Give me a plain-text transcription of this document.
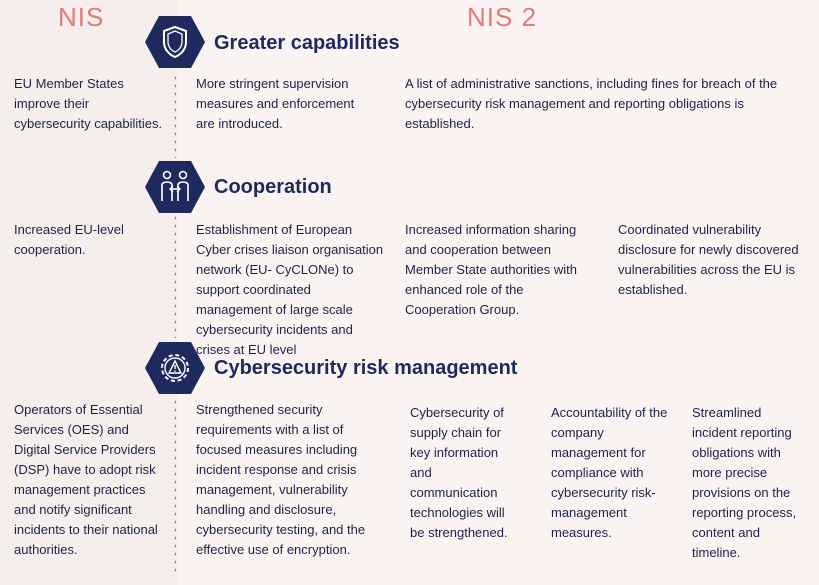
NIS	NIS 2
Greater capabilities
EU Member States improve their cybersecurity capabilities.
More stringent supervision measures and enforcement are introduced.
A list of administrative sanctions, including fines for breach of the cybersecurity risk management and reporting obligations is established.
Cooperation
Increased EU-level cooperation.
Establishment of European Cyber crises liaison organisation network (EU- CyCLONe) to support coordinated management of large scale cybersecurity incidents and crises at EU level
Increased information sharing and cooperation between Member State authorities with enhanced role of the Cooperation Group.
Coordinated vulnerability disclosure for newly discovered vulnerabilities across the EU is established.
Cybersecurity risk management
Operators of Essential Services (OES) and Digital Service Providers (DSP) have to adopt risk management practices and notify significant incidents to their national authorities.
Strengthened security requirements with a list of focused measures including incident response and crisis management, vulnerability handling and disclosure, cybersecurity testing, and the effective use of encryption.
Cybersecurity of supply chain for key information and communication technologies will be strengthened.
Accountability of the company management for compliance with cybersecurity risk-management measures.
Streamlined incident reporting obligations with more precise provisions on the reporting process, content and timeline.
